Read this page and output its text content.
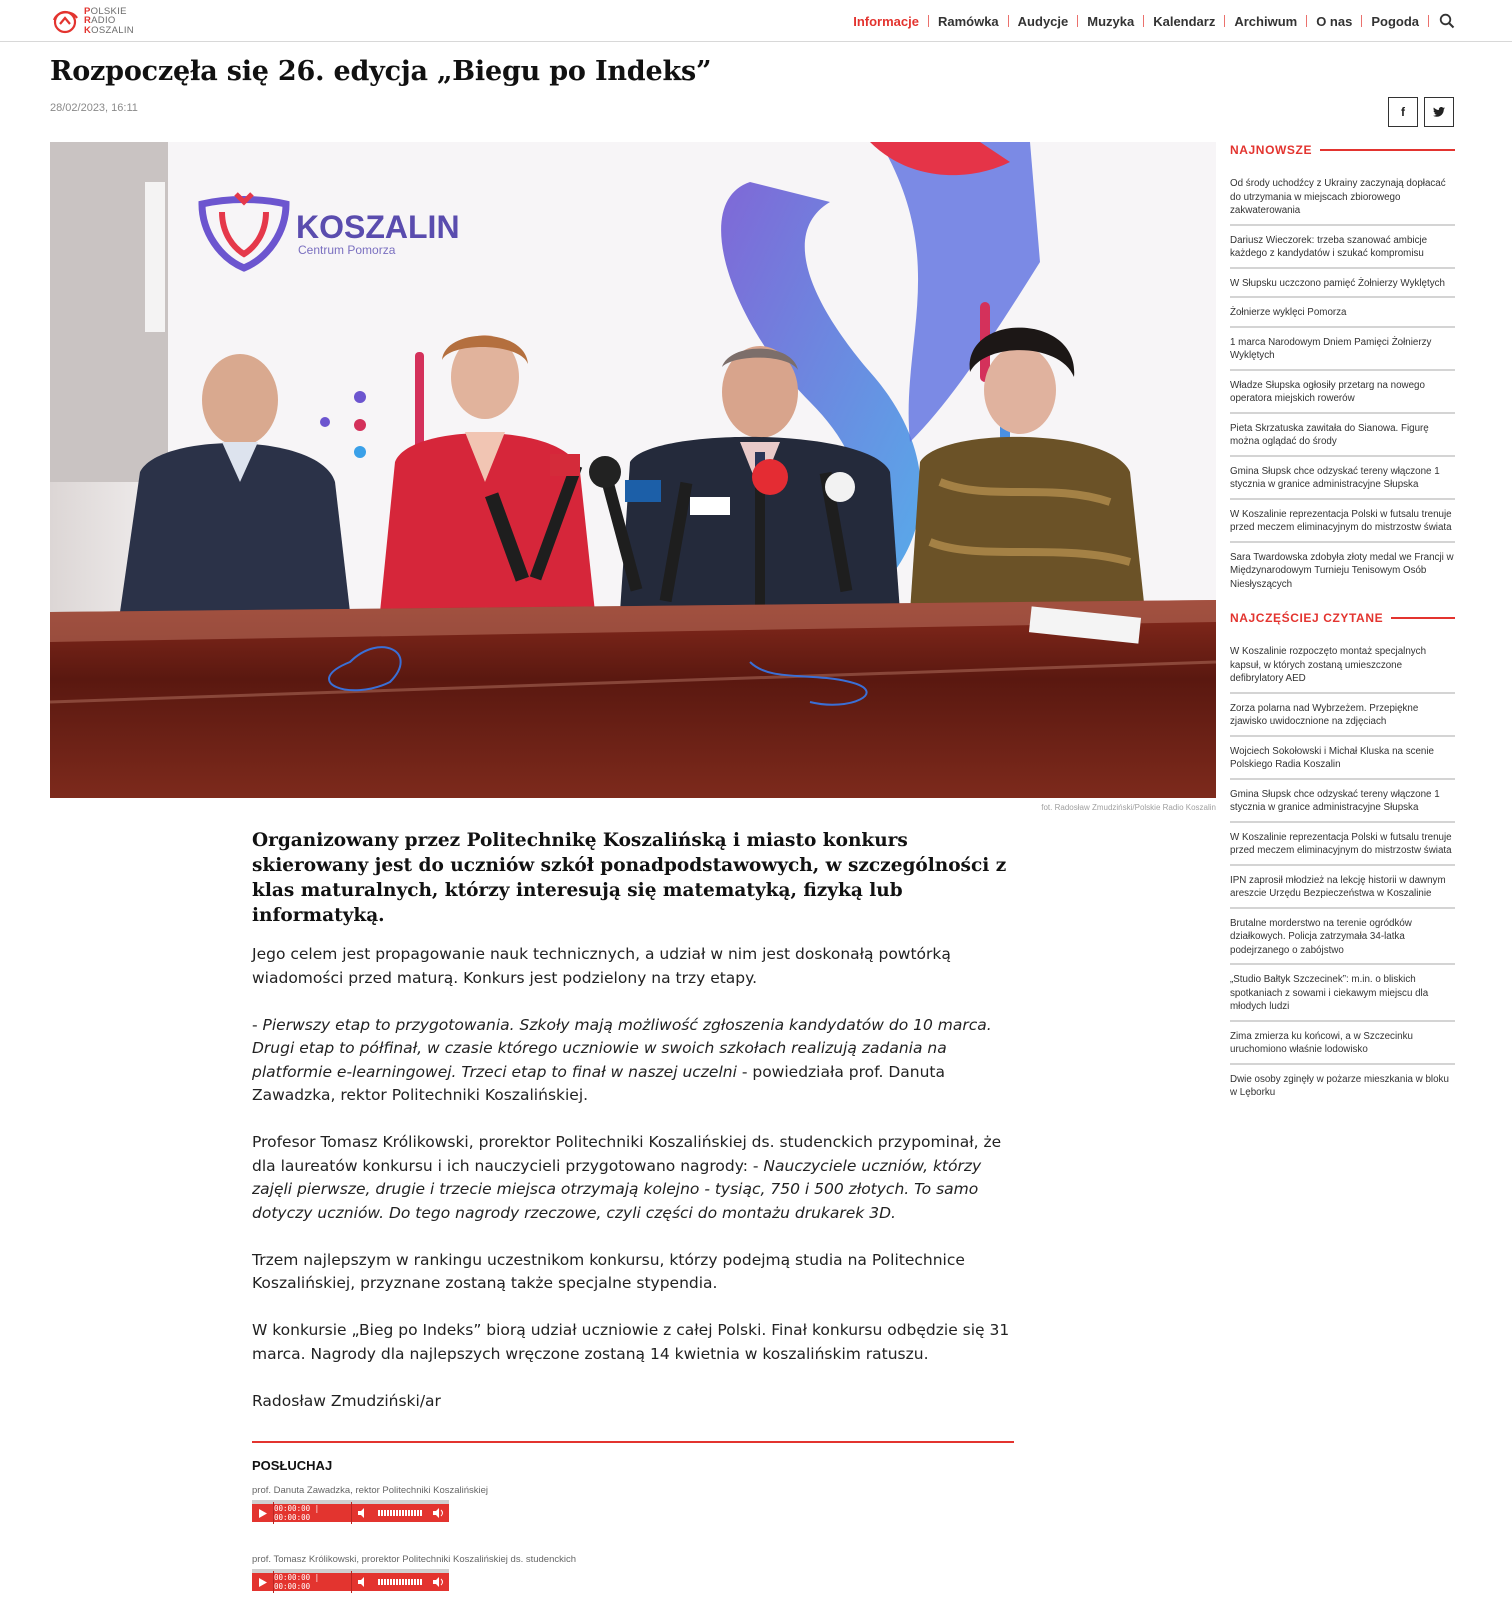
POLSKIE
RADIO
KOSZALIN
Informacje	Ramówka	Audycje	Muzyka	Kalendarz	Archiwum	O nas	Pogoda
Rozpoczęła się 26. edycja „Biegu po Indeks”
28/02/2023, 16:11	f
KOSZALIN
Centrum Pomorza
fot. Radosław Zmudziński/Polskie Radio Koszalin
Organizowany przez Politechnikę Koszalińską i miasto konkurs skierowany jest do uczniów szkół ponadpodstawowych, w szczególności z klas maturalnych, którzy interesują się matematyką, fizyką lub informatyką.

Jego celem jest propagowanie nauk technicznych, a udział w nim jest doskonałą powtórką wiadomości przed maturą. Konkurs jest podzielony na trzy etapy.

- Pierwszy etap to przygotowania. Szkoły mają możliwość zgłoszenia kandydatów do 10 marca. Drugi etap to półfinał, w czasie którego uczniowie w swoich szkołach realizują zadania na platformie e-learningowej. Trzeci etap to finał w naszej uczelni - powiedziała prof. Danuta Zawadzka, rektor Politechniki Koszalińskiej.

Profesor Tomasz Królikowski, prorektor Politechniki Koszalińskiej ds. studenckich przypominał, że dla laureatów konkursu i ich nauczycieli przygotowano nagrody: - Nauczyciele uczniów, którzy zajęli pierwsze, drugie i trzecie miejsca otrzymają kolejno - tysiąc, 750 i 500 złotych. To samo dotyczy uczniów. Do tego nagrody rzeczowe, czyli części do montażu drukarek 3D.

Trzem najlepszym w rankingu uczestnikom konkursu, którzy podejmą studia na Politechnice Koszalińskiej, przyznane zostaną także specjalne stypendia.

W konkursie „Bieg po Indeks” biorą udział uczniowie z całej Polski. Finał konkursu odbędzie się 31 marca. Nagrody dla najlepszych wręczone zostaną 14 kwietnia w koszalińskim ratuszu.

Radosław Zmudziński/ar

POSŁUCHAJ
prof. Danuta Zawadzka, rektor Politechniki Koszalińskiej
00:00:00 | 00:00:00
prof. Tomasz Królikowski, prorektor Politechniki Koszalińskiej ds. studenckich
00:00:00 | 00:00:00
NAJNOWSZE
Od środy uchodźcy z Ukrainy zaczynają dopłacać do utrzymania w miejscach zbiorowego zakwaterowania
Dariusz Wieczorek: trzeba szanować ambicje każdego z kandydatów i szukać kompromisu
W Słupsku uczczono pamięć Żołnierzy Wyklętych
Żołnierze wyklęci Pomorza
1 marca Narodowym Dniem Pamięci Żołnierzy Wyklętych
Władze Słupska ogłosiły przetarg na nowego operatora miejskich rowerów
Pieta Skrzatuska zawitała do Sianowa. Figurę można oglądać do środy
Gmina Słupsk chce odzyskać tereny włączone 1 stycznia w granice administracyjne Słupska
W Koszalinie reprezentacja Polski w futsalu trenuje przed meczem eliminacyjnym do mistrzostw świata
Sara Twardowska zdobyła złoty medal we Francji w Międzynarodowym Turnieju Tenisowym Osób Niesłyszących
NAJCZĘŚCIEJ CZYTANE
W Koszalinie rozpoczęto montaż specjalnych kapsuł, w których zostaną umieszczone defibrylatory AED
Zorza polarna nad Wybrzeżem. Przepiękne zjawisko uwidocznione na zdjęciach
Wojciech Sokołowski i Michał Kluska na scenie Polskiego Radia Koszalin
Gmina Słupsk chce odzyskać tereny włączone 1 stycznia w granice administracyjne Słupska
W Koszalinie reprezentacja Polski w futsalu trenuje przed meczem eliminacyjnym do mistrzostw świata
IPN zaprosił młodzież na lekcję historii w dawnym areszcie Urzędu Bezpieczeństwa w Koszalinie
Brutalne morderstwo na terenie ogródków działkowych. Policja zatrzymała 34-latka podejrzanego o zabójstwo
„Studio Bałtyk Szczecinek”: m.in. o bliskich spotkaniach z sowami i ciekawym miejscu dla młodych ludzi
Zima zmierza ku końcowi, a w Szczecinku uruchomiono właśnie lodowisko
Dwie osoby zginęły w pożarze mieszkania w bloku w Lęborku
